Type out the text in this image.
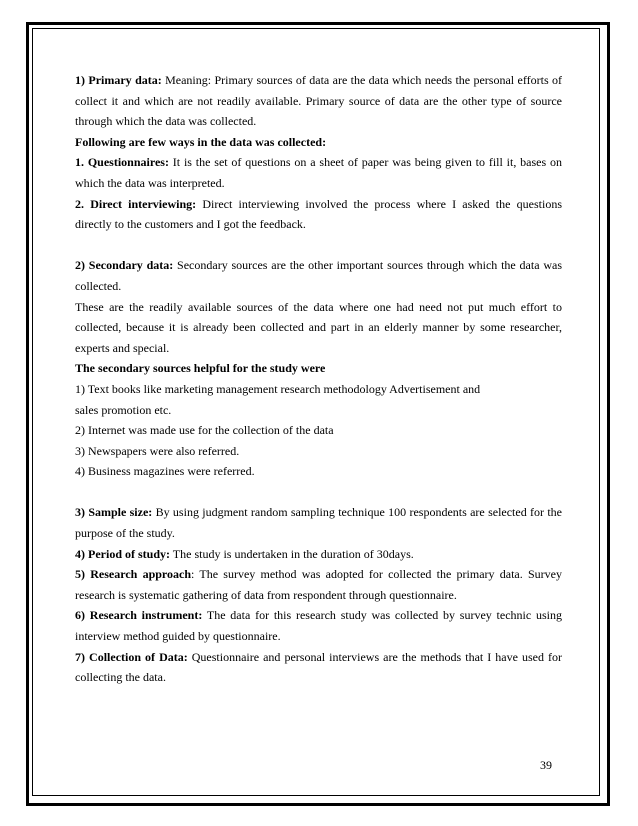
1) Primary data: Meaning: Primary sources of data are the data which needs the personal efforts of collect it and which are not readily available. Primary source of data are the other type of source through which the data was collected.

Following are few ways in the data was collected:

1. Questionnaires: It is the set of questions on a sheet of paper was being given to fill it, bases on which the data was interpreted.

2. Direct interviewing: Direct interviewing involved the process where I asked the questions directly to the customers and I got the feedback.

2) Secondary data: Secondary sources are the other important sources through which the data was collected.

These are the readily available sources of the data where one had need not put much effort to collected, because it is already been collected and part in an elderly manner by some researcher, experts and special.

The secondary sources helpful for the study were

1) Text books like marketing management research methodology Advertisement and sales promotion etc.

2) Internet was made use for the collection of the data

3) Newspapers were also referred.

4) Business magazines were referred.

3) Sample size: By using judgment random sampling technique 100 respondents are selected for the purpose of the study.

4) Period of study: The study is undertaken in the duration of 30days.

5) Research approach: The survey method was adopted for collected the primary data. Survey research is systematic gathering of data from respondent through questionnaire.

6) Research instrument: The data for this research study was collected by survey technic using interview method guided by questionnaire.

7) Collection of Data: Questionnaire and personal interviews are the methods that I have used for collecting the data.

39
